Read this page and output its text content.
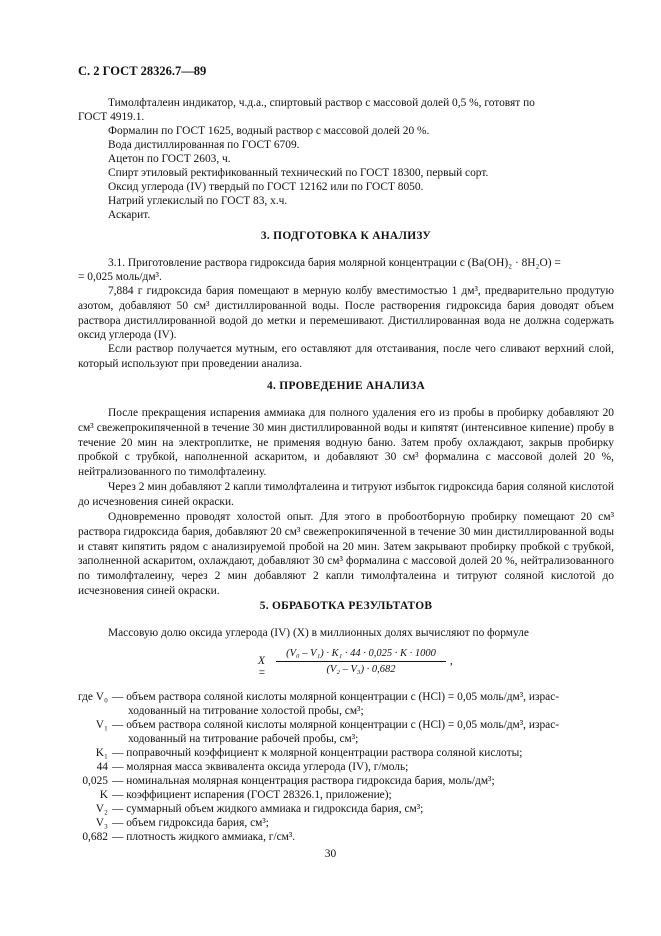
С. 2 ГОСТ 28326.7—89
Тимолфталеин индикатор, ч.д.а., спиртовый раствор с массовой долей 0,5 %, готовят по
ГОСТ 4919.1.
Формалин по ГОСТ 1625, водный раствор с массовой долей 20 %.
Вода дистиллированная по ГОСТ 6709.
Ацетон по ГОСТ 2603, ч.
Спирт этиловый ректификованный технический по ГОСТ 18300, первый сорт.
Оксид углерода (IV) твердый по ГОСТ 12162 или по ГОСТ 8050.
Натрий углекислый по ГОСТ 83, х.ч.
Аскарит.
3. ПОДГОТОВКА К АНАЛИЗУ
3.1. Приготовление раствора гидроксида бария молярной концентрации c (Ba(OH)₂ · 8H₂O) =
= 0,025 моль/дм³.

7,884 г гидроксида бария помещают в мерную колбу вместимостью 1 дм³, предварительно продутую азотом, добавляют 50 см³ дистиллированной воды. После растворения гидроксида бария доводят объем раствора дистиллированной водой до метки и перемешивают. Дистиллированная вода не должна содержать оксид углерода (IV).

Если раствор получается мутным, его оставляют для отстаивания, после чего сливают верхний слой, который используют при проведении анализа.

4. ПРОВЕДЕНИЕ АНАЛИЗА

После прекращения испарения аммиака для полного удаления его из пробы в пробирку добавляют 20 см³ свежепрокипяченной в течение 30 мин дистиллированной воды и кипятят (интенсивное кипение) пробу в течение 20 мин на электроплитке, не применяя водную баню. Затем пробу охлаждают, закрыв пробирку пробкой с трубкой, наполненной аскаритом, и добавляют 30 см³ формалина с массовой долей 20 %, нейтрализованного по тимолфталеину.

Через 2 мин добавляют 2 капли тимолфталеина и титруют избыток гидроксида бария соляной кислотой до исчезновения синей окраски.

Одновременно проводят холостой опыт. Для этого в пробоотборную пробирку помещают 20 см³ раствора гидроксида бария, добавляют 20 см³ свежепрокипяченной в течение 30 мин дистиллированной воды и ставят кипятить рядом с анализируемой пробой на 20 мин. Затем закрывают пробирку пробкой с трубкой, заполненной аскаритом, охлаждают, добавляют 30 см³ формалина с массовой долей 20 %, нейтрализованного по тимолфталеину, через 2 мин добавляют 2 капли тимолфталеина и титруют соляной кислотой до исчезновения синей окраски.

5. ОБРАБОТКА РЕЗУЛЬТАТОВ
Массовую долю оксида углерода (IV) (X) в миллионных долях вычисляют по формуле
X =
(V₀ – V₁) · K₁ · 44 · 0,025 · K · 1000
(V₂ – V₃) · 0,682
,
где V₀ — объем раствора соляной кислоты молярной концентрации c (HCl) = 0,05 моль/дм³, израс-
ходованный на титрование холостой пробы, см³;
V₁ — объем раствора соляной кислоты молярной концентрации c (HCl) = 0,05 моль/дм³, израс-
ходованный на титрование рабочей пробы, см³;
K₁ — поправочный коэффициент к молярной концентрации раствора соляной кислоты;
44 — молярная масса эквивалента оксида углерода (IV), г/моль;
0,025 — номинальная молярная концентрация раствора гидроксида бария, моль/дм³;
K — коэффициент испарения (ГОСТ 28326.1, приложение);
V₂ — суммарный объем жидкого аммиака и гидроксида бария, см³;
V₃ — объем гидроксида бария, см³;
0,682 — плотность жидкого аммиака, г/см³.
30
